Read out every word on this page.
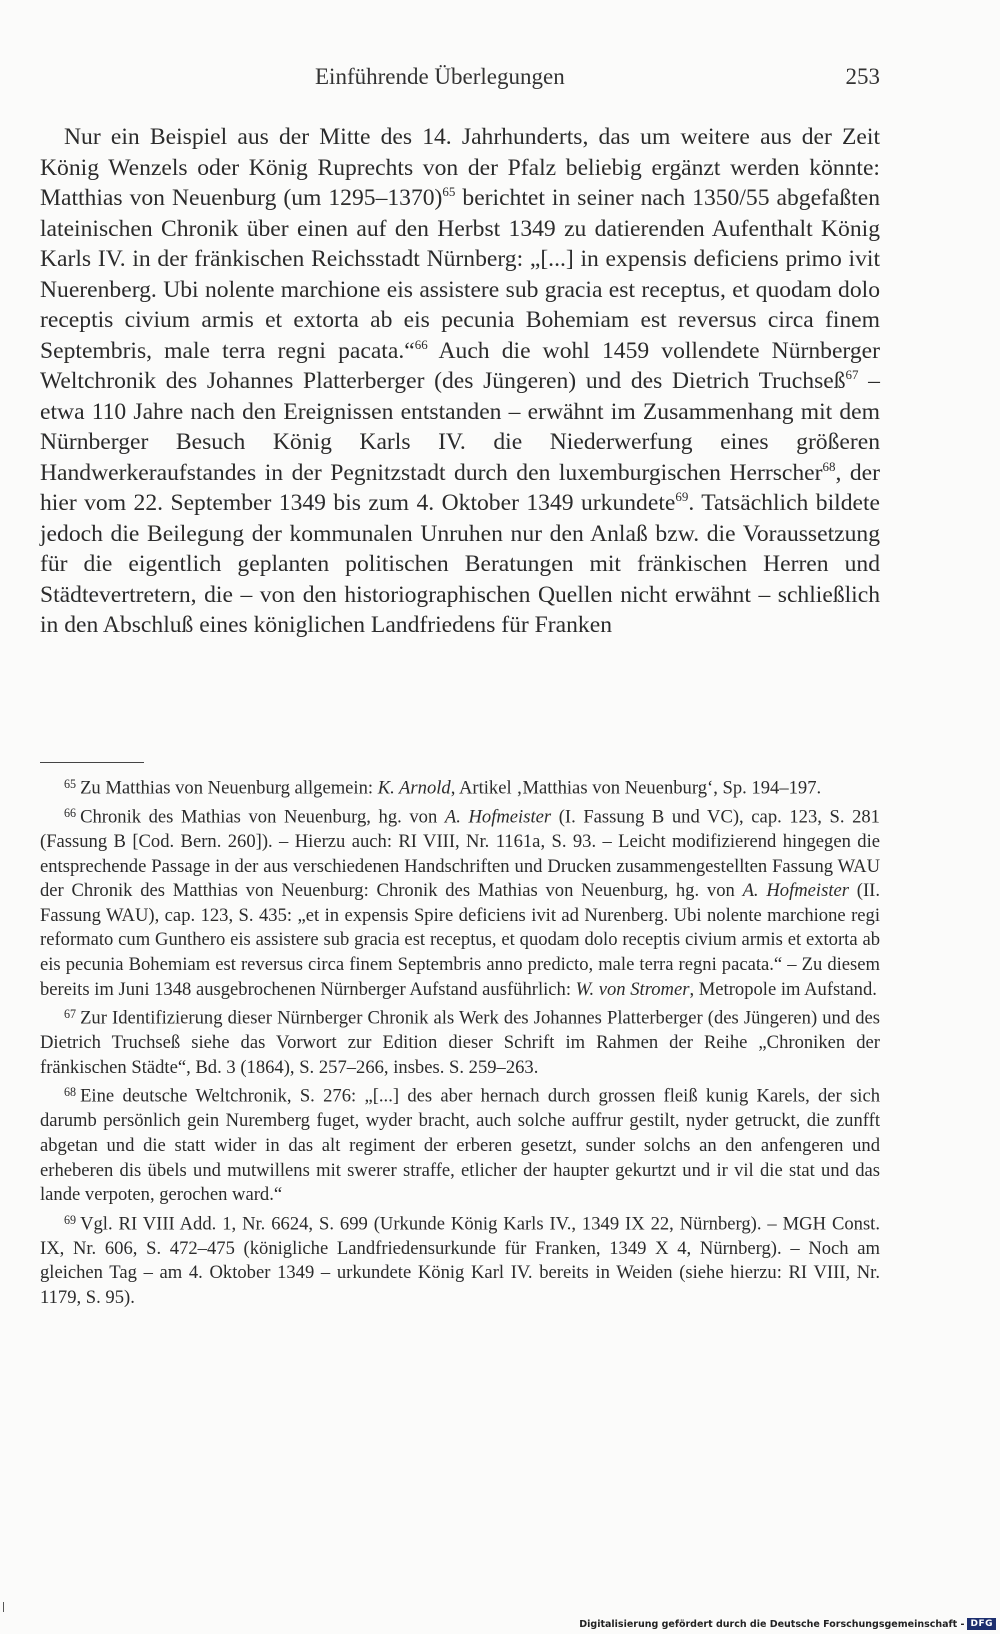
Einführende Überlegungen	253

Nur ein Beispiel aus der Mitte des 14. Jahrhunderts, das um weitere aus der Zeit König Wenzels oder König Ruprechts von der Pfalz beliebig ergänzt werden könnte: Matthias von Neuenburg (um 1295–1370)$^{65}$ berichtet in seiner nach 1350/55 abgefaßten lateinischen Chronik über einen auf den Herbst 1349 zu datierenden Aufenthalt König Karls IV. in der fränkischen Reichsstadt Nürnberg: „[...] in expensis deficiens primo ivit Nuerenberg. Ubi nolente marchione eis assistere sub gracia est receptus, et quodam dolo receptis civium armis et extorta ab eis pecunia Bohemiam est reversus circa finem Septembris, male terra regni pacata.“$^{66}$ Auch die wohl 1459 vollendete Nürnberger Weltchronik des Johannes Platterberger (des Jüngeren) und des Dietrich Truchseß$^{67}$ – etwa 110 Jahre nach den Ereignissen entstanden – erwähnt im Zusammenhang mit dem Nürnberger Besuch König Karls IV. die Niederwerfung eines größeren Handwerkeraufstandes in der Pegnitzstadt durch den luxemburgischen Herrscher$^{68}$, der hier vom 22. September 1349 bis zum 4. Oktober 1349 urkundete$^{69}$. Tatsächlich bildete jedoch die Beilegung der kommunalen Unruhen nur den Anlaß bzw. die Voraussetzung für die eigentlich geplanten politischen Beratungen mit fränkischen Herren und Städtevertretern, die – von den historiographischen Quellen nicht erwähnt – schließlich in den Abschluß eines königlichen Landfriedens für Franken

$^{65}$ Zu Matthias von Neuenburg allgemein: K. Arnold, Artikel ‚Matthias von Neuenburg‘, Sp. 194–197.

$^{66}$ Chronik des Mathias von Neuenburg, hg. von A. Hofmeister (I. Fassung B und VC), cap. 123, S. 281 (Fassung B [Cod. Bern. 260]). – Hierzu auch: RI VIII, Nr. 1161a, S. 93. – Leicht modifizierend hingegen die entsprechende Passage in der aus verschiedenen Handschriften und Drucken zusammengestellten Fassung WAU der Chronik des Matthias von Neuenburg: Chronik des Mathias von Neuenburg, hg. von A. Hofmeister (II. Fassung WAU), cap. 123, S. 435: „et in expensis Spire deficiens ivit ad Nurenberg. Ubi nolente marchione regi reformato cum Gunthero eis assistere sub gracia est receptus, et quodam dolo receptis civium armis et extorta ab eis pecunia Bohemiam est reversus circa finem Septembris anno predicto, male terra regni pacata.“ – Zu diesem bereits im Juni 1348 ausgebrochenen Nürnberger Aufstand ausführlich: W. von Stromer, Metropole im Aufstand.

$^{67}$ Zur Identifizierung dieser Nürnberger Chronik als Werk des Johannes Platterberger (des Jüngeren) und des Dietrich Truchseß siehe das Vorwort zur Edition dieser Schrift im Rahmen der Reihe „Chroniken der fränkischen Städte“, Bd. 3 (1864), S. 257–266, insbes. S. 259–263.

$^{68}$ Eine deutsche Weltchronik, S. 276: „[...] des aber hernach durch grossen fleiß kunig Karels, der sich darumb persönlich gein Nuremberg fuget, wyder bracht, auch solche auffrur gestilt, nyder getruckt, die zunfft abgetan und die statt wider in das alt regiment der erberen gesetzt, sunder solchs an den anfengeren und erheberen dis übels und mutwillens mit swerer straffe, etlicher der haupter gekurtzt und ir vil die stat und das lande verpoten, gerochen ward.“

$^{69}$ Vgl. RI VIII Add. 1, Nr. 6624, S. 699 (Urkunde König Karls IV., 1349 IX 22, Nürnberg). – MGH Const. IX, Nr. 606, S. 472–475 (königliche Landfriedensurkunde für Franken, 1349 X 4, Nürnberg). – Noch am gleichen Tag – am 4. Oktober 1349 – urkundete König Karl IV. bereits in Weiden (siehe hierzu: RI VIII, Nr. 1179, S. 95).

Digitalisierung gefördert durch die Deutsche Forschungsgemeinschaft - DFG
